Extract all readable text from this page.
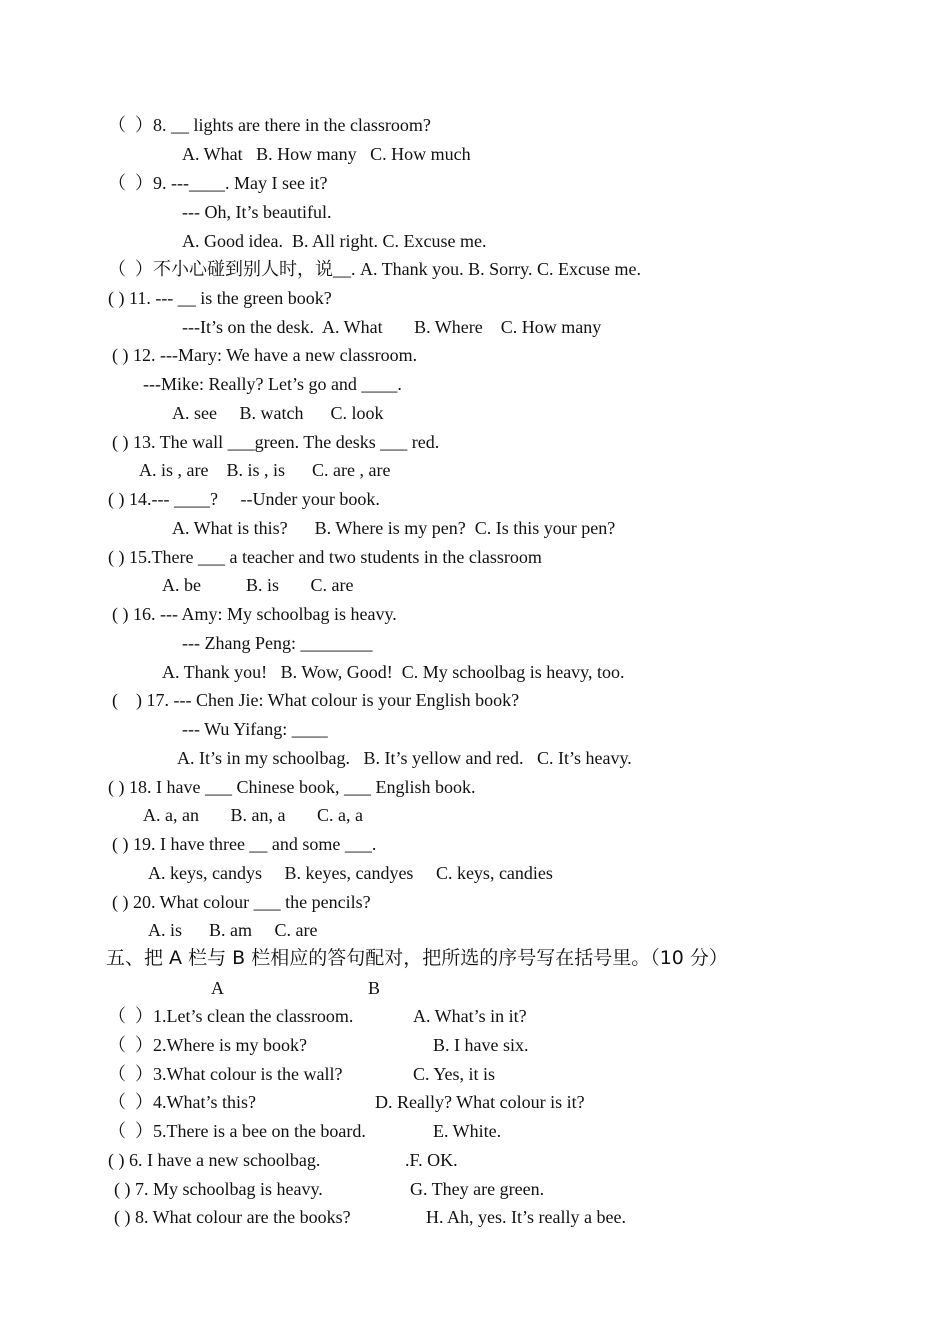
（  ）8. __ lights are there in the classroom?
A. What   B. How many   C. How much
（  ）9. ---____. May I see it?
--- Oh, It’s beautiful.
A. Good idea.  B. All right. C. Excuse me.
（  ）不小心碰到别人时，说__. A. Thank you. B. Sorry. C. Excuse me.
( ) 11. --- __ is the green book?
---It’s on the desk.  A. What       B. Where    C. How many
( ) 12. ---Mary: We have a new classroom.
---Mike: Really? Let’s go and ____.
A. see     B. watch      C. look
( ) 13. The wall ___green. The desks ___ red.
A. is , are    B. is , is      C. are , are
( ) 14.--- ____?     --Under your book.
A. What is this?      B. Where is my pen?  C. Is this your pen?
( ) 15.There ___ a teacher and two students in the classroom
A. be          B. is       C. are
( ) 16. --- Amy: My schoolbag is heavy.
--- Zhang Peng: ________
A. Thank you!   B. Wow, Good!  C. My schoolbag is heavy, too.
(    ) 17. --- Chen Jie: What colour is your English book?
--- Wu Yifang: ____
A. It’s in my schoolbag.   B. It’s yellow and red.   C. It’s heavy.
( ) 18. I have ___ Chinese book, ___ English book.
A. a, an       B. an, a       C. a, a
( ) 19. I have three __ and some ___.
A. keys, candys     B. keyes, candyes     C. keys, candies
( ) 20. What colour ___ the pencils?
A. is      B. am     C. are
五、把 A 栏与 B 栏相应的答句配对，把所选的序号写在括号里。（10 分）
A	B
（  ）1.Let’s clean the classroom.	A. What’s in it?
（  ）2.Where is my book?	B. I have six.
（  ）3.What colour is the wall?	C. Yes, it is
（  ）4.What’s this?	D. Really? What colour is it?
（  ）5.There is a bee on the board.	E. White.
( ) 6. I have a new schoolbag.	.F. OK.
( ) 7. My schoolbag is heavy.	G. They are green.
( ) 8. What colour are the books?	H. Ah, yes. It’s really a bee.
